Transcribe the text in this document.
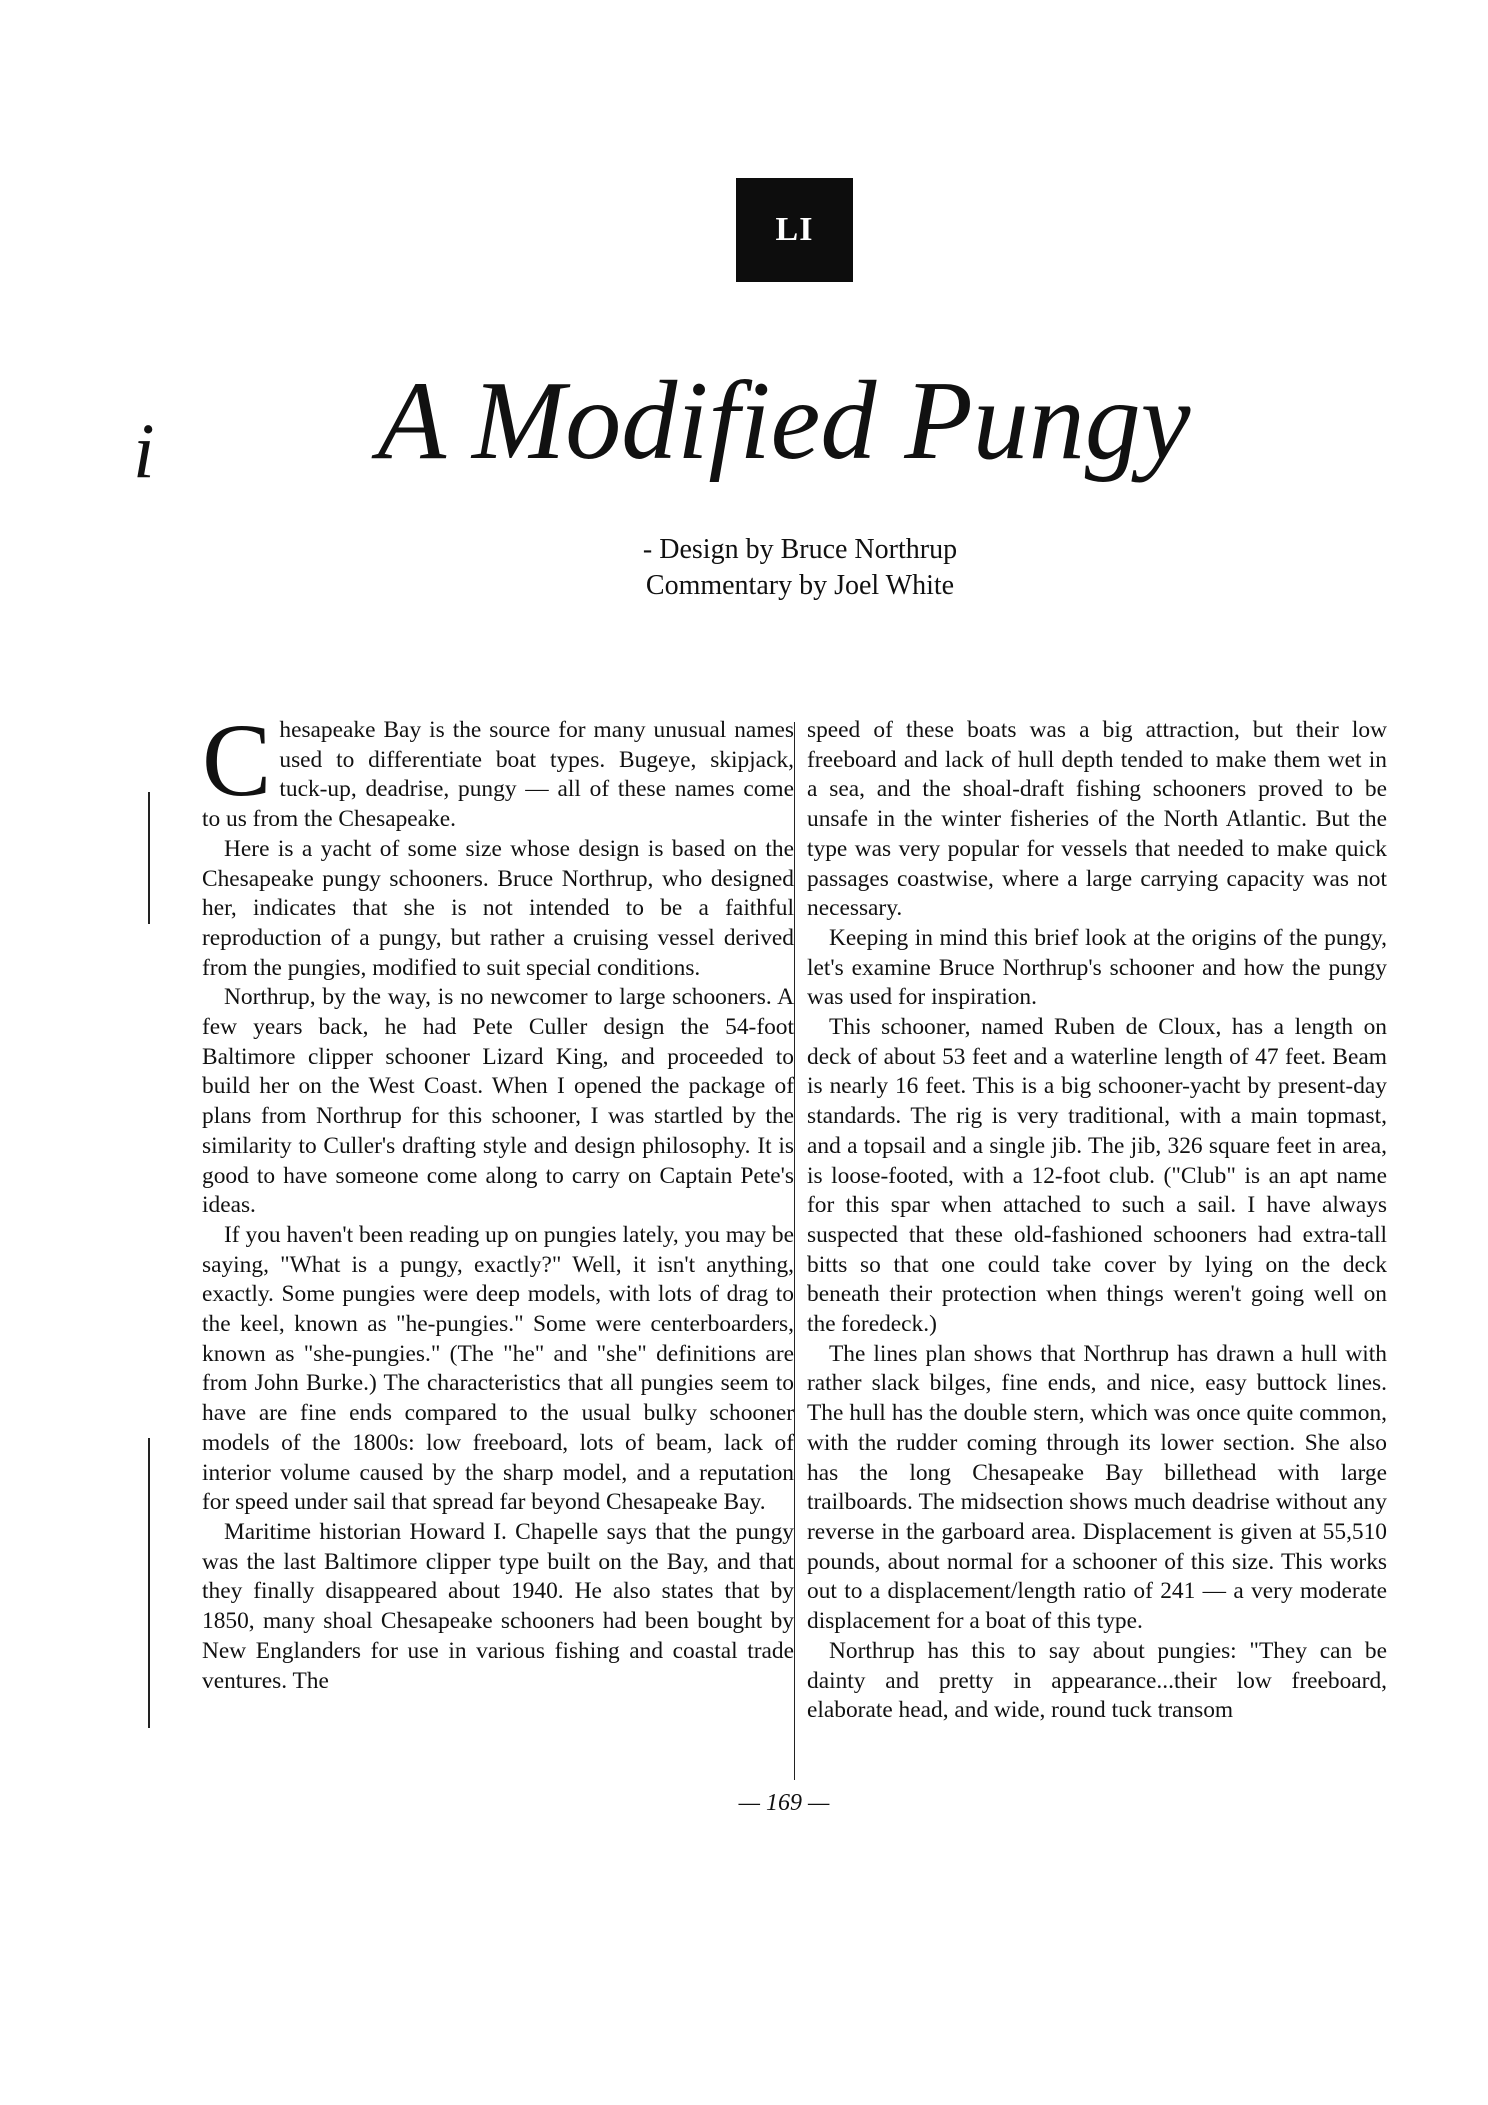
LI
i	A Modified Pungy
- Design by Bruce Northrup
Commentary by Joel White

Chesapeake Bay is the source for many unusual names used to differentiate boat types. Bugeye, skipjack, tuck-up, deadrise, pungy — all of these names come to us from the Chesapeake.

Here is a yacht of some size whose design is based on the Chesapeake pungy schooners. Bruce Northrup, who designed her, indicates that she is not intended to be a faithful reproduction of a pungy, but rather a cruising vessel derived from the pungies, modified to suit special conditions.

Northrup, by the way, is no newcomer to large schooners. A few years back, he had Pete Culler design the 54-foot Baltimore clipper schooner Lizard King, and proceeded to build her on the West Coast. When I opened the package of plans from Northrup for this schooner, I was startled by the similarity to Culler's drafting style and design philosophy. It is good to have someone come along to carry on Captain Pete's ideas.

If you haven't been reading up on pungies lately, you may be saying, "What is a pungy, exactly?" Well, it isn't anything, exactly. Some pungies were deep models, with lots of drag to the keel, known as "he-pungies." Some were centerboarders, known as "she-pungies." (The "he" and "she" definitions are from John Burke.) The characteristics that all pungies seem to have are fine ends compared to the usual bulky schooner models of the 1800s: low freeboard, lots of beam, lack of interior volume caused by the sharp model, and a reputation for speed under sail that spread far beyond Chesapeake Bay.

Maritime historian Howard I. Chapelle says that the pungy was the last Baltimore clipper type built on the Bay, and that they finally disappeared about 1940. He also states that by 1850, many shoal Chesapeake schooners had been bought by New Englanders for use in various fishing and coastal trade ventures. The

speed of these boats was a big attraction, but their low freeboard and lack of hull depth tended to make them wet in a sea, and the shoal-draft fishing schooners proved to be unsafe in the winter fisheries of the North Atlantic. But the type was very popular for vessels that needed to make quick passages coastwise, where a large carrying capacity was not necessary.

Keeping in mind this brief look at the origins of the pungy, let's examine Bruce Northrup's schooner and how the pungy was used for inspiration.

This schooner, named Ruben de Cloux, has a length on deck of about 53 feet and a waterline length of 47 feet. Beam is nearly 16 feet. This is a big schooner-yacht by present-day standards. The rig is very traditional, with a main topmast, and a topsail and a single jib. The jib, 326 square feet in area, is loose-footed, with a 12-foot club. ("Club" is an apt name for this spar when attached to such a sail. I have always suspected that these old-fashioned schooners had extra-tall bitts so that one could take cover by lying on the deck beneath their protection when things weren't going well on the foredeck.)

The lines plan shows that Northrup has drawn a hull with rather slack bilges, fine ends, and nice, easy buttock lines. The hull has the double stern, which was once quite common, with the rudder coming through its lower section. She also has the long Chesapeake Bay billethead with large trailboards. The midsection shows much deadrise without any reverse in the garboard area. Displacement is given at 55,510 pounds, about normal for a schooner of this size. This works out to a displacement/length ratio of 241 — a very moderate displacement for a boat of this type.

Northrup has this to say about pungies: "They can be dainty and pretty in appearance...their low freeboard, elaborate head, and wide, round tuck transom

— 169 —
